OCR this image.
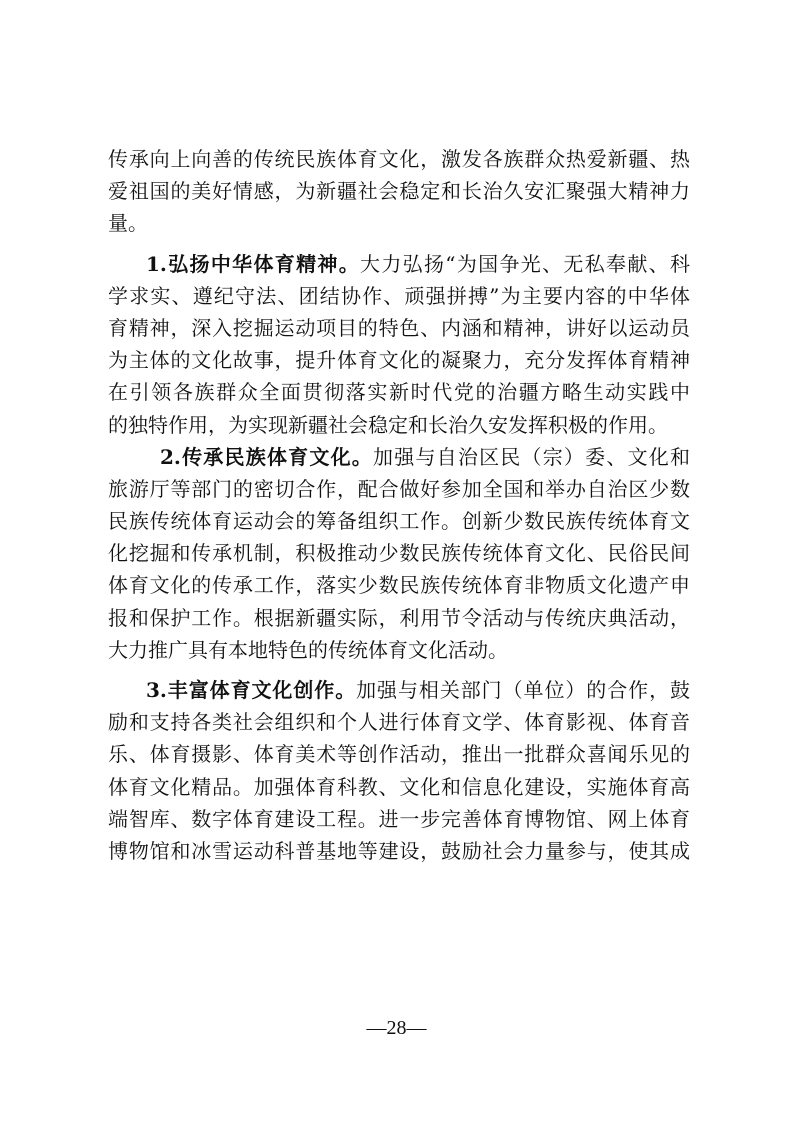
传承向上向善的传统民族体育文化，激发各族群众热爱新疆、热
爱祖国的美好情感，为新疆社会稳定和长治久安汇聚强大精神力
量。
1.弘扬中华体育精神。大力弘扬“为国争光、无私奉献、科
学求实、遵纪守法、团结协作、顽强拼搏”为主要内容的中华体
育精神，深入挖掘运动项目的特色、内涵和精神，讲好以运动员
为主体的文化故事，提升体育文化的凝聚力，充分发挥体育精神
在引领各族群众全面贯彻落实新时代党的治疆方略生动实践中
的独特作用，为实现新疆社会稳定和长治久安发挥积极的作用。
2.传承民族体育文化。加强与自治区民（宗）委、文化和
旅游厅等部门的密切合作，配合做好参加全国和举办自治区少数
民族传统体育运动会的筹备组织工作。创新少数民族传统体育文
化挖掘和传承机制，积极推动少数民族传统体育文化、民俗民间
体育文化的传承工作，落实少数民族传统体育非物质文化遗产申
报和保护工作。根据新疆实际，利用节令活动与传统庆典活动，
大力推广具有本地特色的传统体育文化活动。
3.丰富体育文化创作。加强与相关部门（单位）的合作，鼓
励和支持各类社会组织和个人进行体育文学、体育影视、体育音
乐、体育摄影、体育美术等创作活动，推出一批群众喜闻乐见的
体育文化精品。加强体育科教、文化和信息化建设，实施体育高
端智库、数字体育建设工程。进一步完善体育博物馆、网上体育
博物馆和冰雪运动科普基地等建设，鼓励社会力量参与，使其成
—28—
